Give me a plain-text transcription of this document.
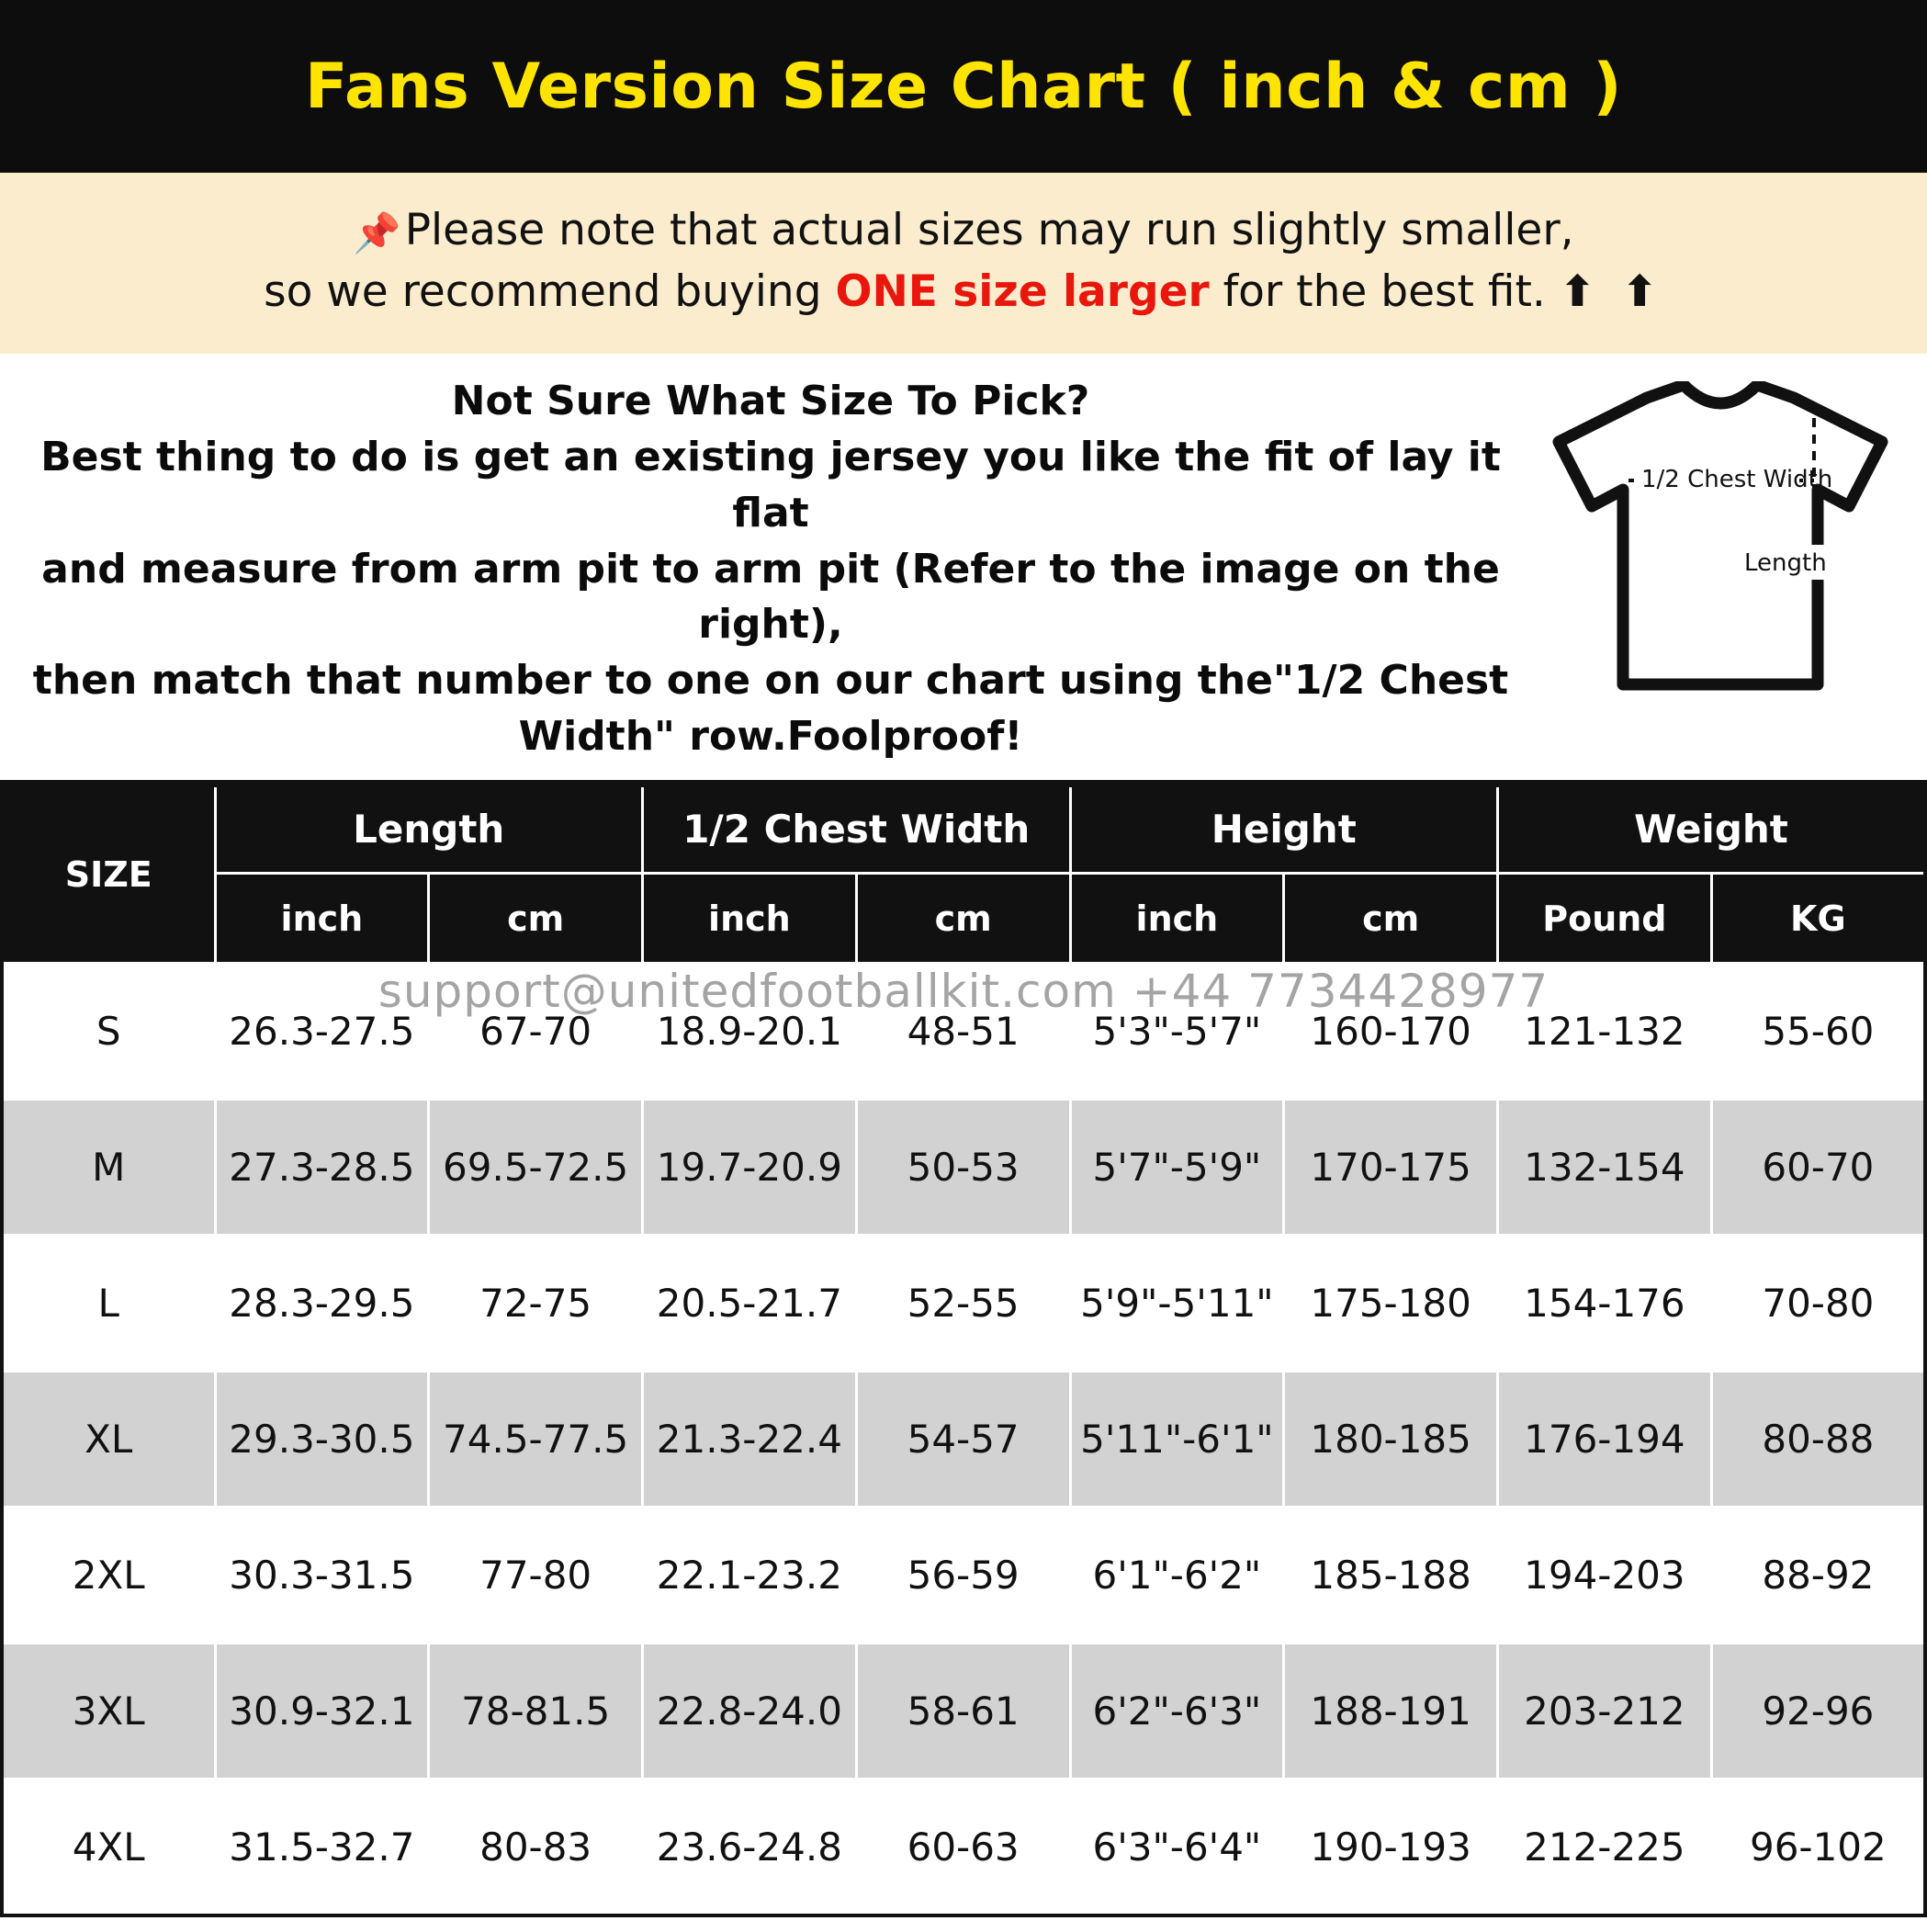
Fans Version Size Chart ( inch & cm )
📌Please note that actual sizes may run slightly smaller,
so we recommend buying ONE size larger for the best fit. ⬆ ⬆
Not Sure What Size To Pick?
Best thing to do is get an existing jersey you like the fit of lay it flat
and measure from arm pit to arm pit (Refer to the image on the right),
then match that number to one on our chart using the"1/2 Chest
Width" row.Foolproof!
1/2 Chest Width
Length
SIZE	Length		1/2 Chest Width		Height		Weight	
	inch	cm	inch	cm	inch	cm	Pound	KG
S	26.3-27.5	67-70	18.9-20.1	48-51	5'3"-5'7"	160-170	121-132	55-60
M	27.3-28.5	69.5-72.5	19.7-20.9	50-53	5'7"-5'9"	170-175	132-154	60-70
L	28.3-29.5	72-75	20.5-21.7	52-55	5'9"-5'11"	175-180	154-176	70-80
XL	29.3-30.5	74.5-77.5	21.3-22.4	54-57	5'11"-6'1"	180-185	176-194	80-88
2XL	30.3-31.5	77-80	22.1-23.2	56-59	6'1"-6'2"	185-188	194-203	88-92
3XL	30.9-32.1	78-81.5	22.8-24.0	58-61	6'2"-6'3"	188-191	203-212	92-96
4XL	31.5-32.7	80-83	23.6-24.8	60-63	6'3"-6'4"	190-193	212-225	96-102
support@unitedfootballkit.com +44 7734428977
